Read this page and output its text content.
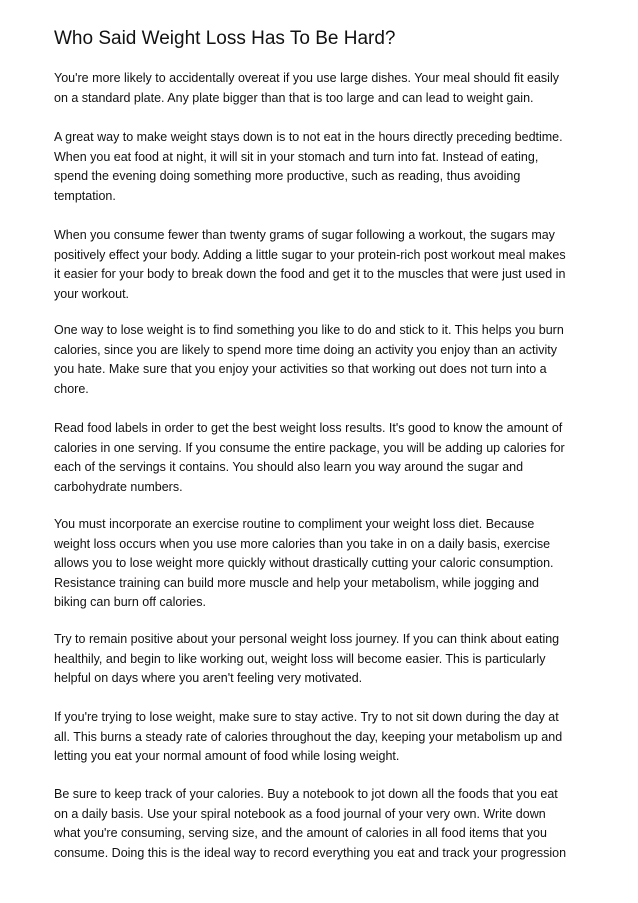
Who Said Weight Loss Has To Be Hard?

You're more likely to accidentally overeat if you use large dishes. Your meal should fit easily
on a standard plate. Any plate bigger than that is too large and can lead to weight gain.

A great way to make weight stays down is to not eat in the hours directly preceding bedtime.
When you eat food at night, it will sit in your stomach and turn into fat. Instead of eating,
spend the evening doing something more productive, such as reading, thus avoiding
temptation.

When you consume fewer than twenty grams of sugar following a workout, the sugars may
positively effect your body. Adding a little sugar to your protein-rich post workout meal makes
it easier for your body to break down the food and get it to the muscles that were just used in
your workout.

One way to lose weight is to find something you like to do and stick to it. This helps you burn
calories, since you are likely to spend more time doing an activity you enjoy than an activity
you hate. Make sure that you enjoy your activities so that working out does not turn into a
chore.

Read food labels in order to get the best weight loss results. It's good to know the amount of
calories in one serving. If you consume the entire package, you will be adding up calories for
each of the servings it contains. You should also learn you way around the sugar and
carbohydrate numbers.

You must incorporate an exercise routine to compliment your weight loss diet. Because
weight loss occurs when you use more calories than you take in on a daily basis, exercise
allows you to lose weight more quickly without drastically cutting your caloric consumption.
Resistance training can build more muscle and help your metabolism, while jogging and
biking can burn off calories.

Try to remain positive about your personal weight loss journey. If you can think about eating
healthily, and begin to like working out, weight loss will become easier. This is particularly
helpful on days where you aren't feeling very motivated.

If you're trying to lose weight, make sure to stay active. Try to not sit down during the day at
all. This burns a steady rate of calories throughout the day, keeping your metabolism up and
letting you eat your normal amount of food while losing weight.

Be sure to keep track of your calories. Buy a notebook to jot down all the foods that you eat
on a daily basis. Use your spiral notebook as a food journal of your very own. Write down
what you're consuming, serving size, and the amount of calories in all food items that you
consume. Doing this is the ideal way to record everything you eat and track your progression
